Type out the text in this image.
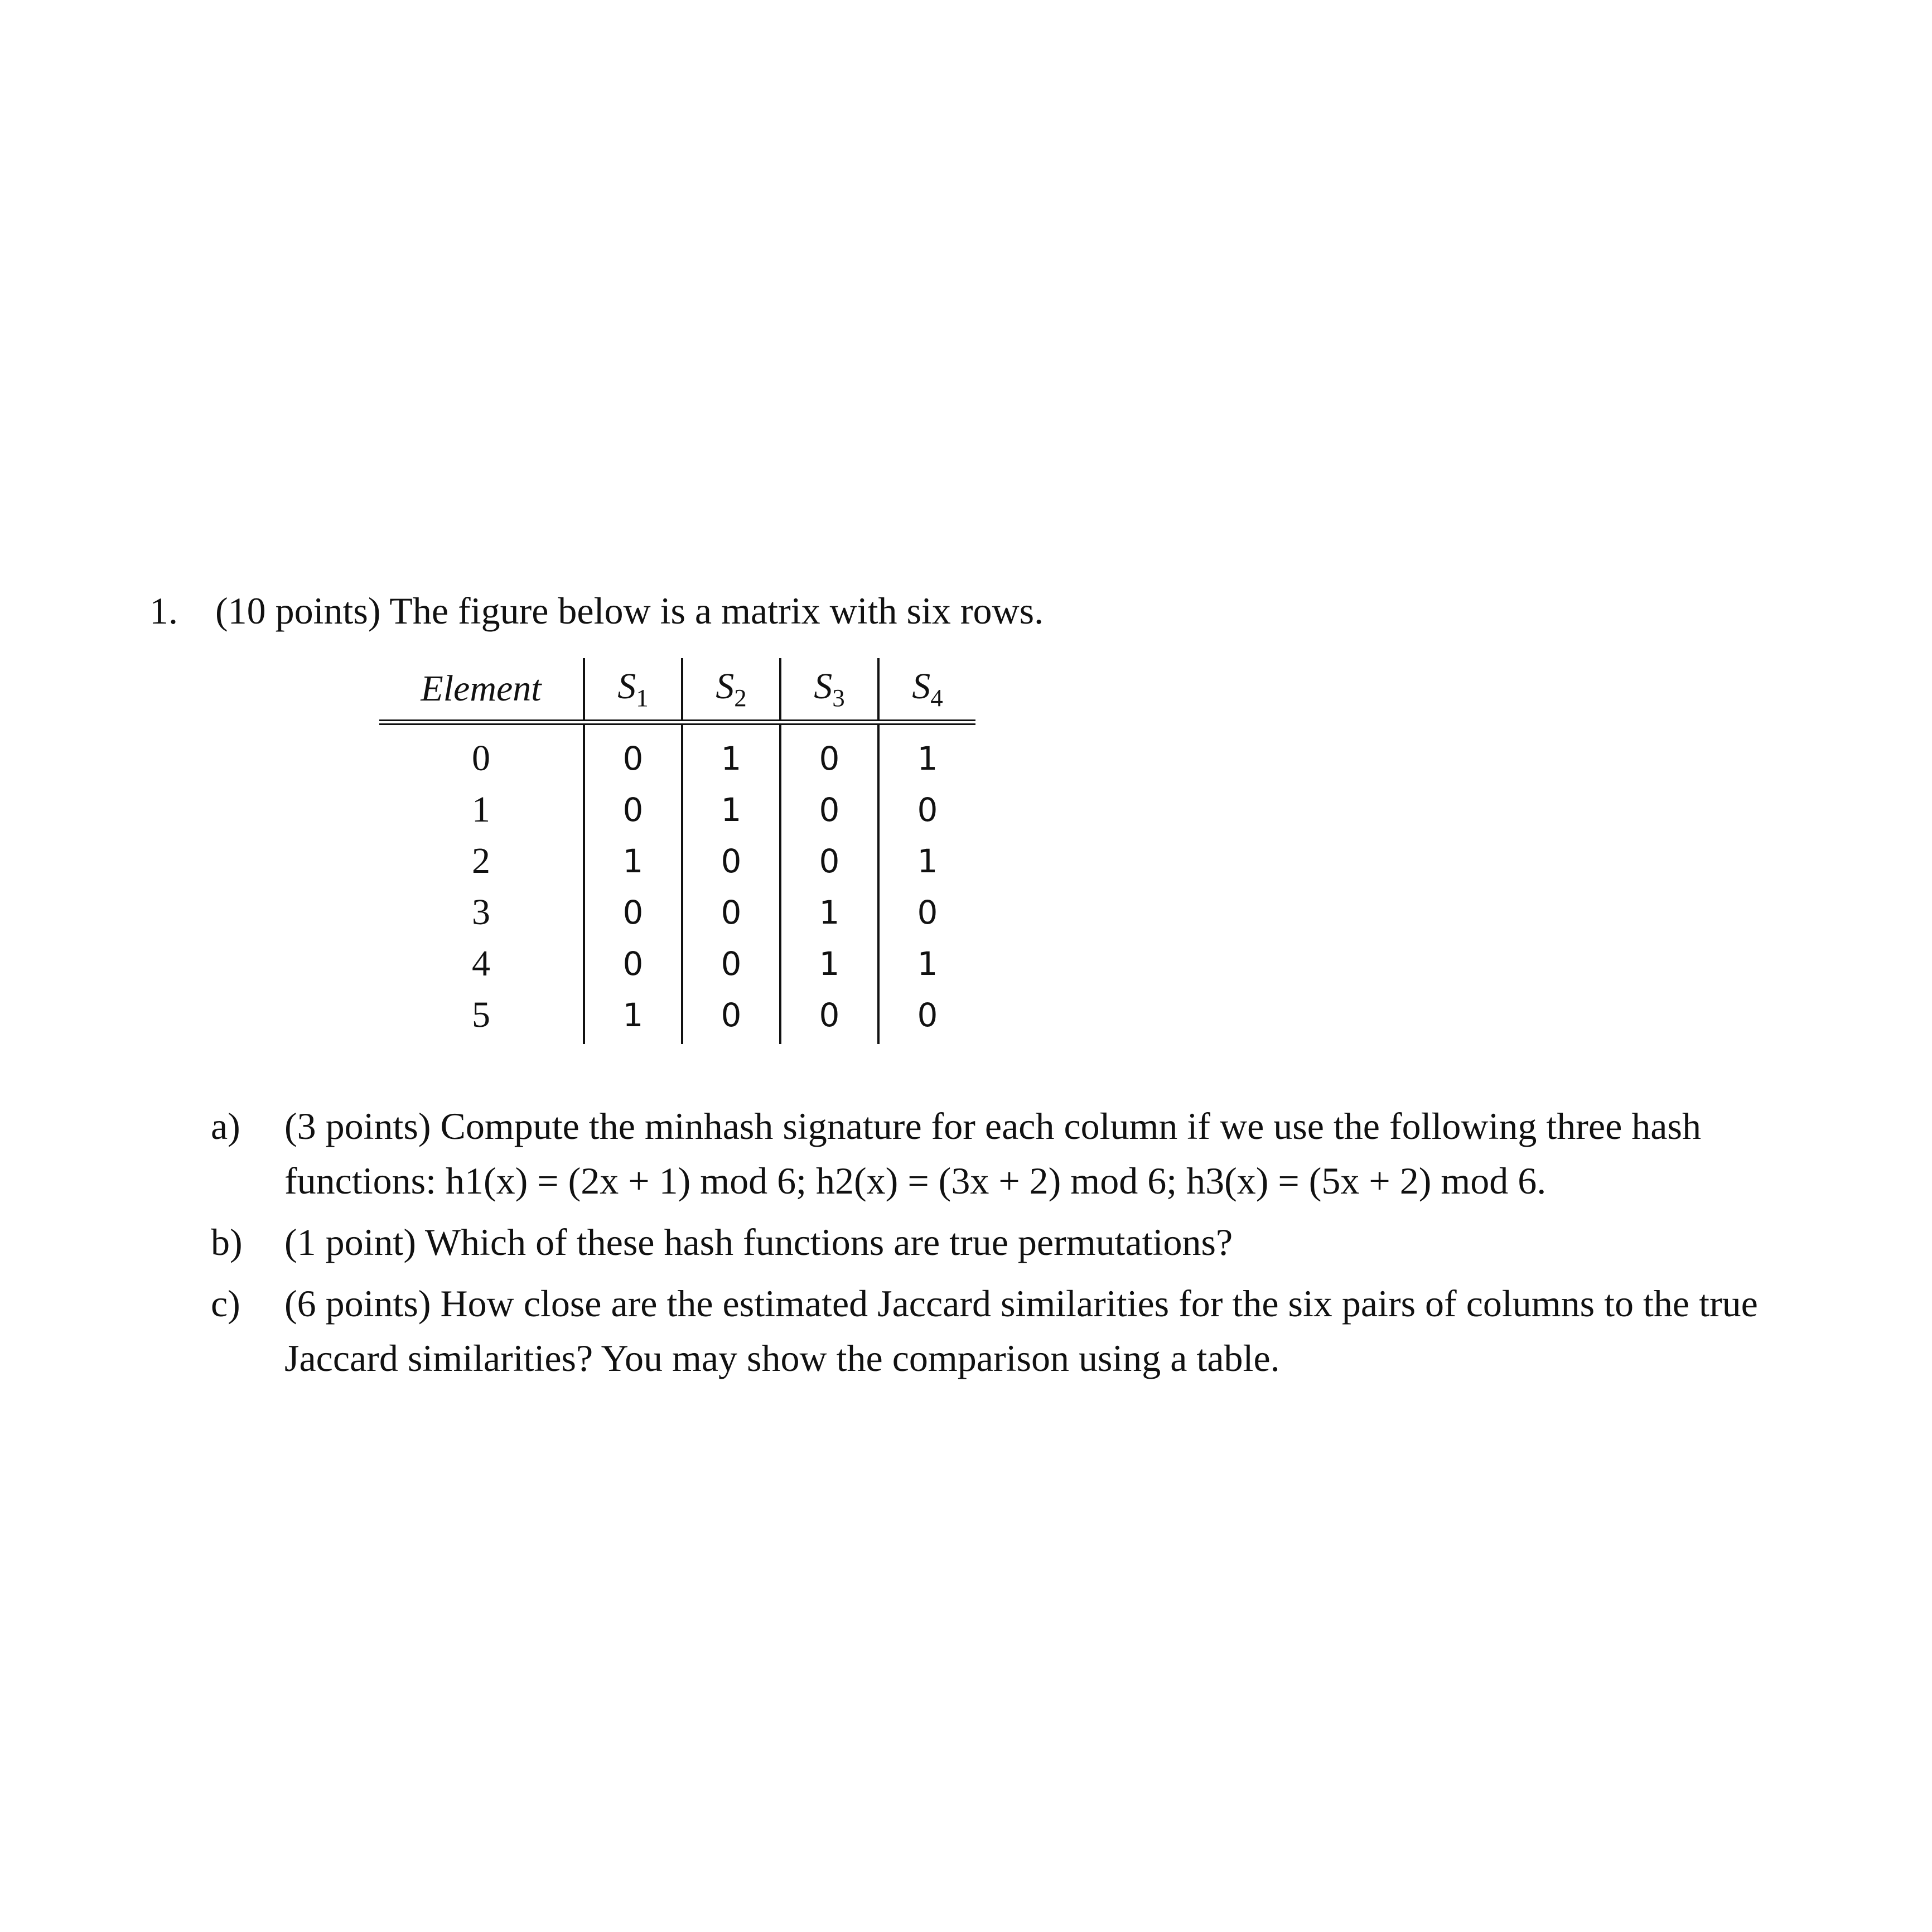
1. (10 points) The figure below is a matrix with six rows.
Element	$S_1$	$S_2$	$S_3$	$S_4$
0	0	1	0	1
1	0	1	0	0
2	1	0	0	1
3	0	0	1	0
4	0	0	1	1
5	1	0	0	0
a) (3 points) Compute the minhash signature for each column if we use the following three hash functions: h1(x) = (2x + 1) mod 6; h2(x) = (3x + 2) mod 6; h3(x) = (5x + 2) mod 6.
b) (1 point) Which of these hash functions are true permutations?
c) (6 points) How close are the estimated Jaccard similarities for the six pairs of columns to the true Jaccard similarities? You may show the comparison using a table.
